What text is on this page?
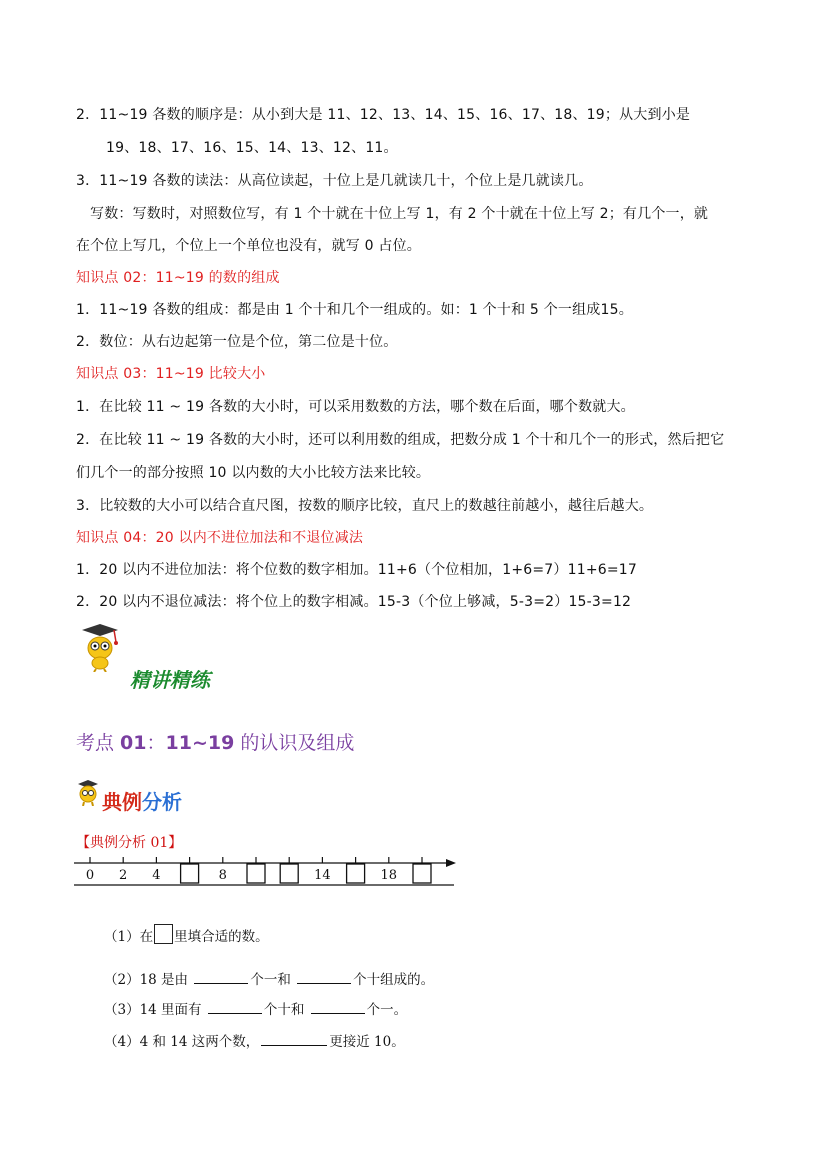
2．11~19 各数的顺序是：从小到大是 11、12、13、14、15、16、17、18、19；从大到小是
19、18、17、16、15、14、13、12、11。
3．11~19 各数的读法：从高位读起，十位上是几就读几十，个位上是几就读几。
写数：写数时，对照数位写，有 1 个十就在十位上写 1，有 2 个十就在十位上写 2；有几个一，就
在个位上写几，个位上一个单位也没有，就写 0 占位。
知识点 02：11~19 的数的组成
1．11~19 各数的组成：都是由 1 个十和几个一组成的。如：1 个十和 5 个一组成15。
2．数位：从右边起第一位是个位，第二位是十位。
知识点 03：11~19 比较大小
1．在比较 11 ~ 19 各数的大小时，可以采用数数的方法，哪个数在后面，哪个数就大。
2．在比较 11 ~ 19 各数的大小时，还可以利用数的组成，把数分成 1 个十和几个一的形式，然后把它
们几个一的部分按照 10 以内数的大小比较方法来比较。
3．比较数的大小可以结合直尺图，按数的顺序比较，直尺上的数越往前越小，越往后越大。
知识点 04：20 以内不进位加法和不退位减法
1．20 以内不进位加法：将个位数的数字相加。11+6（个位相加，1+6=7）11+6=17
2．20 以内不退位减法：将个位上的数字相减。15-3（个位上够减，5-3=2）15-3=12
精讲精练
考点 01：11~19 的认识及组成
典例分析
【典例分析 01】
0 2 4	8	14	18
（1）在 里填合适的数。
（2）18 是由	个一和	个十组成的。
（3）14 里面有	个十和	个一。
（4）4 和 14 这两个数，	更接近 10。
